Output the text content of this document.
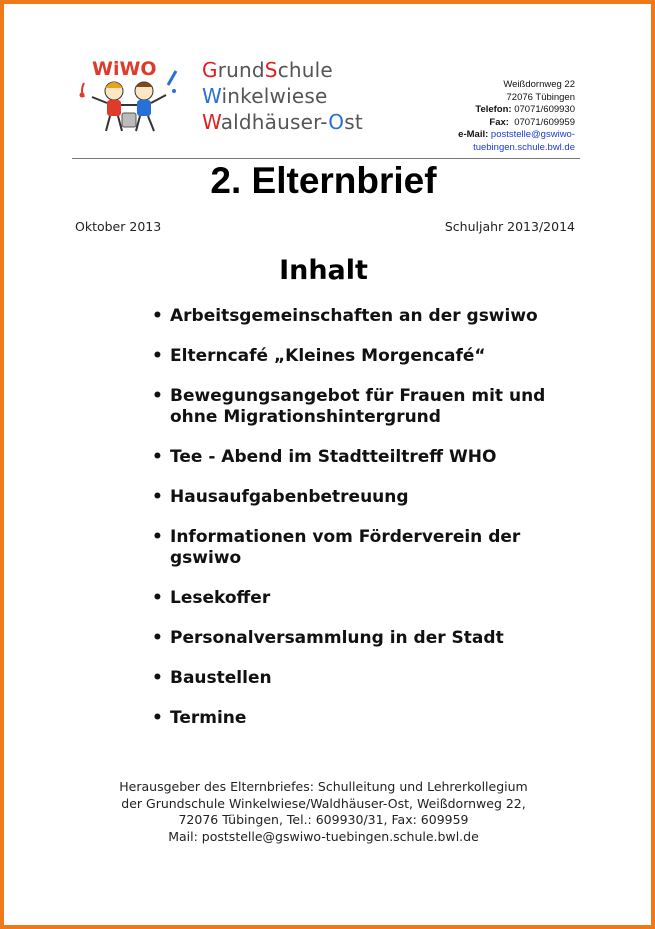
WiWO GrundSchule
Winkelwiese
Waldhäuser-Ost
Weißdornweg 22
72076 Tübingen
Telefon: 07071/609930
Fax: 07071/609959
e-Mail: poststelle@gswiwo-
tuebingen.schule.bwl.de
2. Elternbrief
Oktober 2013	Schuljahr 2013/2014
Inhalt
• Arbeitsgemeinschaften an der gswiwo
• Elterncafé „Kleines Morgencafé“
• Bewegungsangebot für Frauen mit und ohne Migrationshintergrund
• Tee - Abend im Stadtteiltreff WHO
• Hausaufgabenbetreuung
• Informationen vom Förderverein der gswiwo
• Lesekoffer
• Personalversammlung in der Stadt
• Baustellen
• Termine
Herausgeber des Elternbriefes: Schulleitung und Lehrerkollegium
der Grundschule Winkelwiese/Waldhäuser-Ost, Weißdornweg 22,
72076 Tübingen, Tel.: 609930/31, Fax: 609959
Mail: poststelle@gswiwo-tuebingen.schule.bwl.de
